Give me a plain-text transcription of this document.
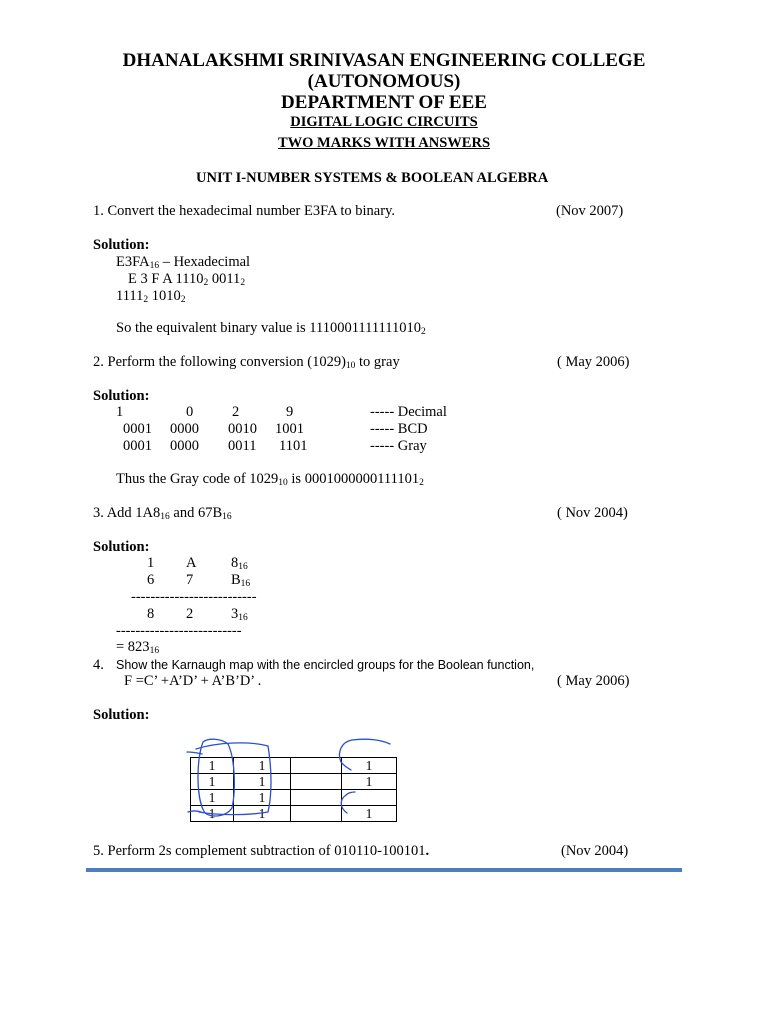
DHANALAKSHMI SRINIVASAN ENGINEERING COLLEGE
(AUTONOMOUS)
DEPARTMENT OF EEE
DIGITAL LOGIC CIRCUITS
TWO MARKS WITH ANSWERS
UNIT I-NUMBER SYSTEMS & BOOLEAN ALGEBRA
1. Convert the hexadecimal number E3FA to binary.	(Nov 2007)
Solution:
E3FA16 – Hexadecimal
E 3 F A 11102 00112
11112 10102
So the equivalent binary value is 11100011111110102
2. Perform the following conversion (1029)10 to gray	( May 2006)
Solution:
1	0	2	9	----- Decimal
0001 0000 0010 1001	----- BCD
0001 0000 0011 1101	----- Gray
Thus the Gray code of 102910 is 00010000001111012
3. Add 1A816 and 67B16	( Nov 2004)
Solution:
1 A 816
6 7	B16
--------------------------
8 2	316
--------------------------
= 82316
4. Show the Karnaugh map with the encircled groups for the Boolean function,
F =C’ +A’D’ + A’B’D’ .	( May 2006)
Solution:
1	1		1
1	1		1
1	1		
1	1		1
5. Perform 2s complement subtraction of 010110-100101.	(Nov 2004)
